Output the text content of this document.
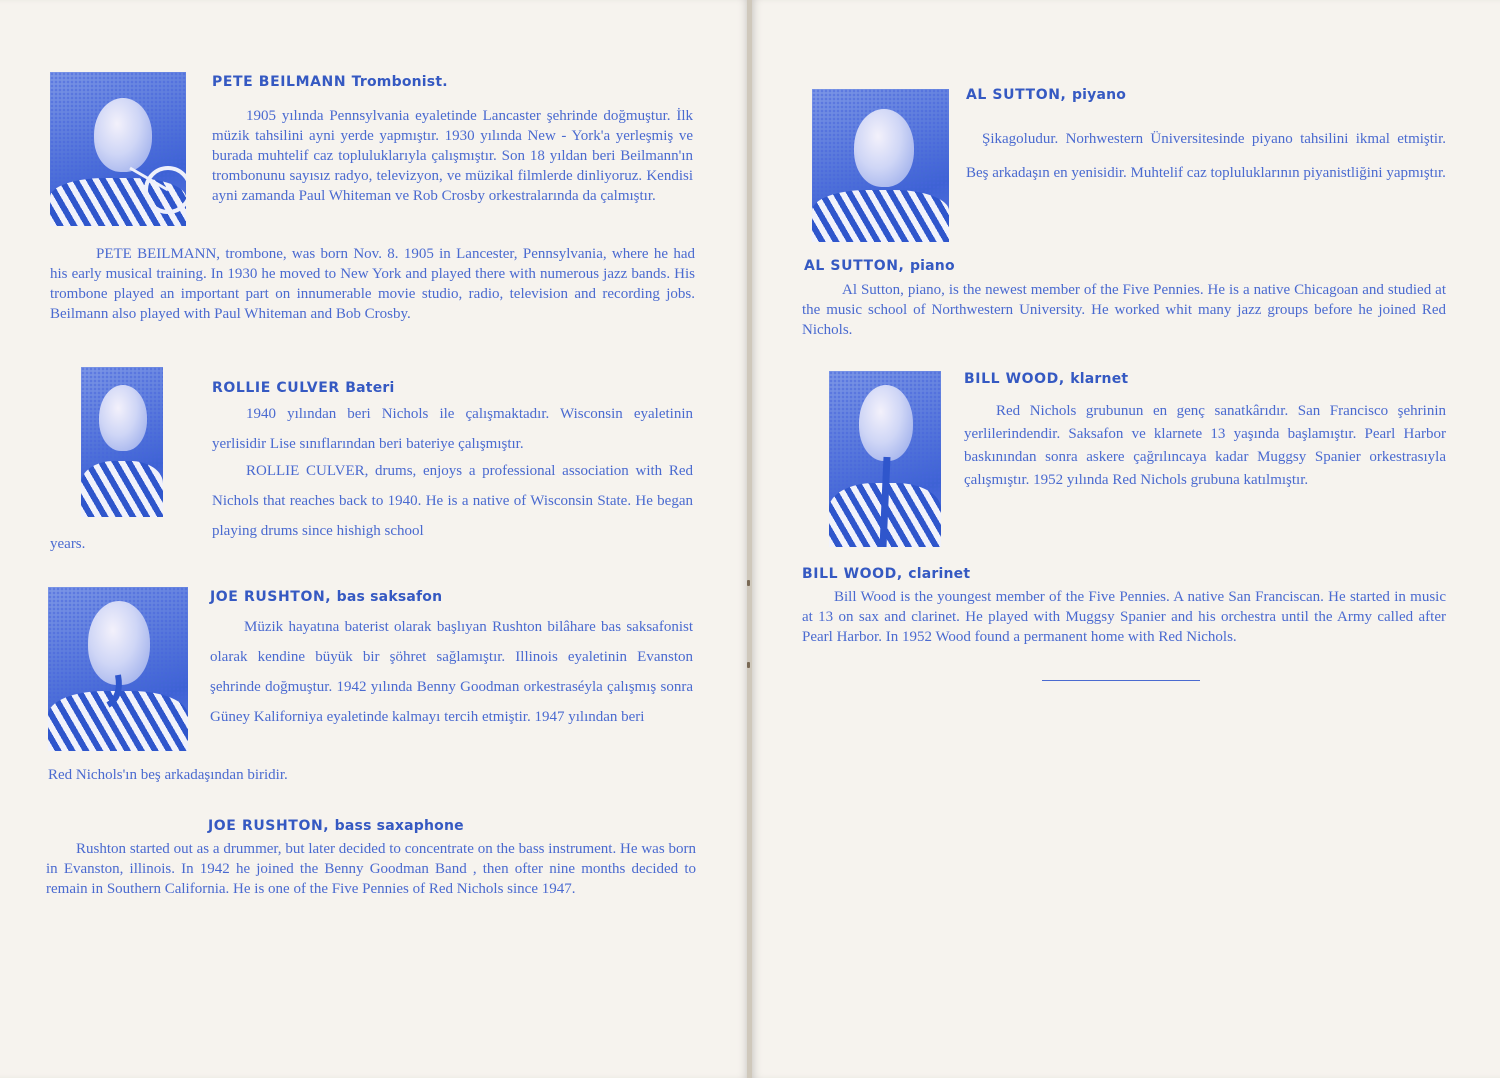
PETE BEILMANN Trombonist.

1905 yılında Pennsylvania eyaletinde Lancaster şehrinde doğmuştur. İlk müzik tahsilini ayni yerde yapmıştır. 1930 yılında New - York'a yerleşmiş ve burada muhtelif caz topluluklarıyla çalışmıştır. Son 18 yıldan beri Beilmann'ın trombonunu sayısız radyo, televizyon, ve müzikal filmlerde dinliyoruz. Kendisi ayni zamanda Paul Whiteman ve Rob Crosby orkestralarında da çalmıştır.

PETE BEILMANN, trombone, was born Nov. 8. 1905 in Lancester, Pennsylvania, where he had his early musical training. In 1930 he moved to New York and played there with numerous jazz bands. His trombone played an important part on innumerable movie studio, radio, television and recording jobs. Beilmann also played with Paul Whiteman and Bob Crosby.

ROLLIE CULVER Bateri

1940 yılından beri Nichols ile çalışmaktadır. Wisconsin eyaletinin yerlisidir Lise sınıflarından beri bateriye çalışmıştır.

ROLLIE CULVER, drums, enjoys a professional association with Red Nichols that reaches back to 1940. He is a native of Wisconsin State. He began playing drums since hishigh school

years.

JOE RUSHTON, bas saksafon

Müzik hayatına baterist olarak başlıyan Rushton bilâhare bas saksafonist olarak kendine büyük bir şöhret sağlamıştır. Illinois eyaletinin Evanston şehrinde doğmuştur. 1942 yılında Benny Goodman orkestraséyla çalışmış sonra Güney Kaliforniya eyaletinde kalmayı tercih etmiştir. 1947 yılından beri

Red Nichols'ın beş arkadaşından biridir.

JOE RUSHTON, bass saxaphone

Rushton started out as a drummer, but later decided to concentrate on the bass instrument. He was born in Evanston, illinois. In 1942 he joined the Benny Goodman Band , then ofter nine months decided to remain in Southern California. He is one of the Five Pennies of Red Nichols since 1947.

AL SUTTON, piyano

Şikagoludur. Norhwestern Üniversitesinde piyano tahsilini ikmal etmiştir. Beş arkadaşın en yenisidir. Muhtelif caz topluluklarının piyanistliğini yapmıştır.

AL SUTTON, piano

Al Sutton, piano, is the newest member of the Five Pennies. He is a native Chicagoan and studied at the music school of Northwestern University. He worked whit many jazz groups before he joined Red Nichols.

BILL WOOD, klarnet

Red Nichols grubunun en genç sanatkârıdır. San Francisco şehrinin yerlilerindendir. Saksafon ve klarnete 13 yaşında başlamıştır. Pearl Harbor baskınından sonra askere çağrılıncaya kadar Muggsy Spanier orkestrasıyla çalışmıştır. 1952 yılında Red Nichols grubuna katılmıştır.

BILL WOOD, clarinet

Bill Wood is the youngest member of the Five Pennies. A native San Franciscan. He started in music at 13 on sax and clarinet. He played with Muggsy Spanier and his orchestra until the Army called after Pearl Harbor. In 1952 Wood found a permanent home with Red Nichols.
